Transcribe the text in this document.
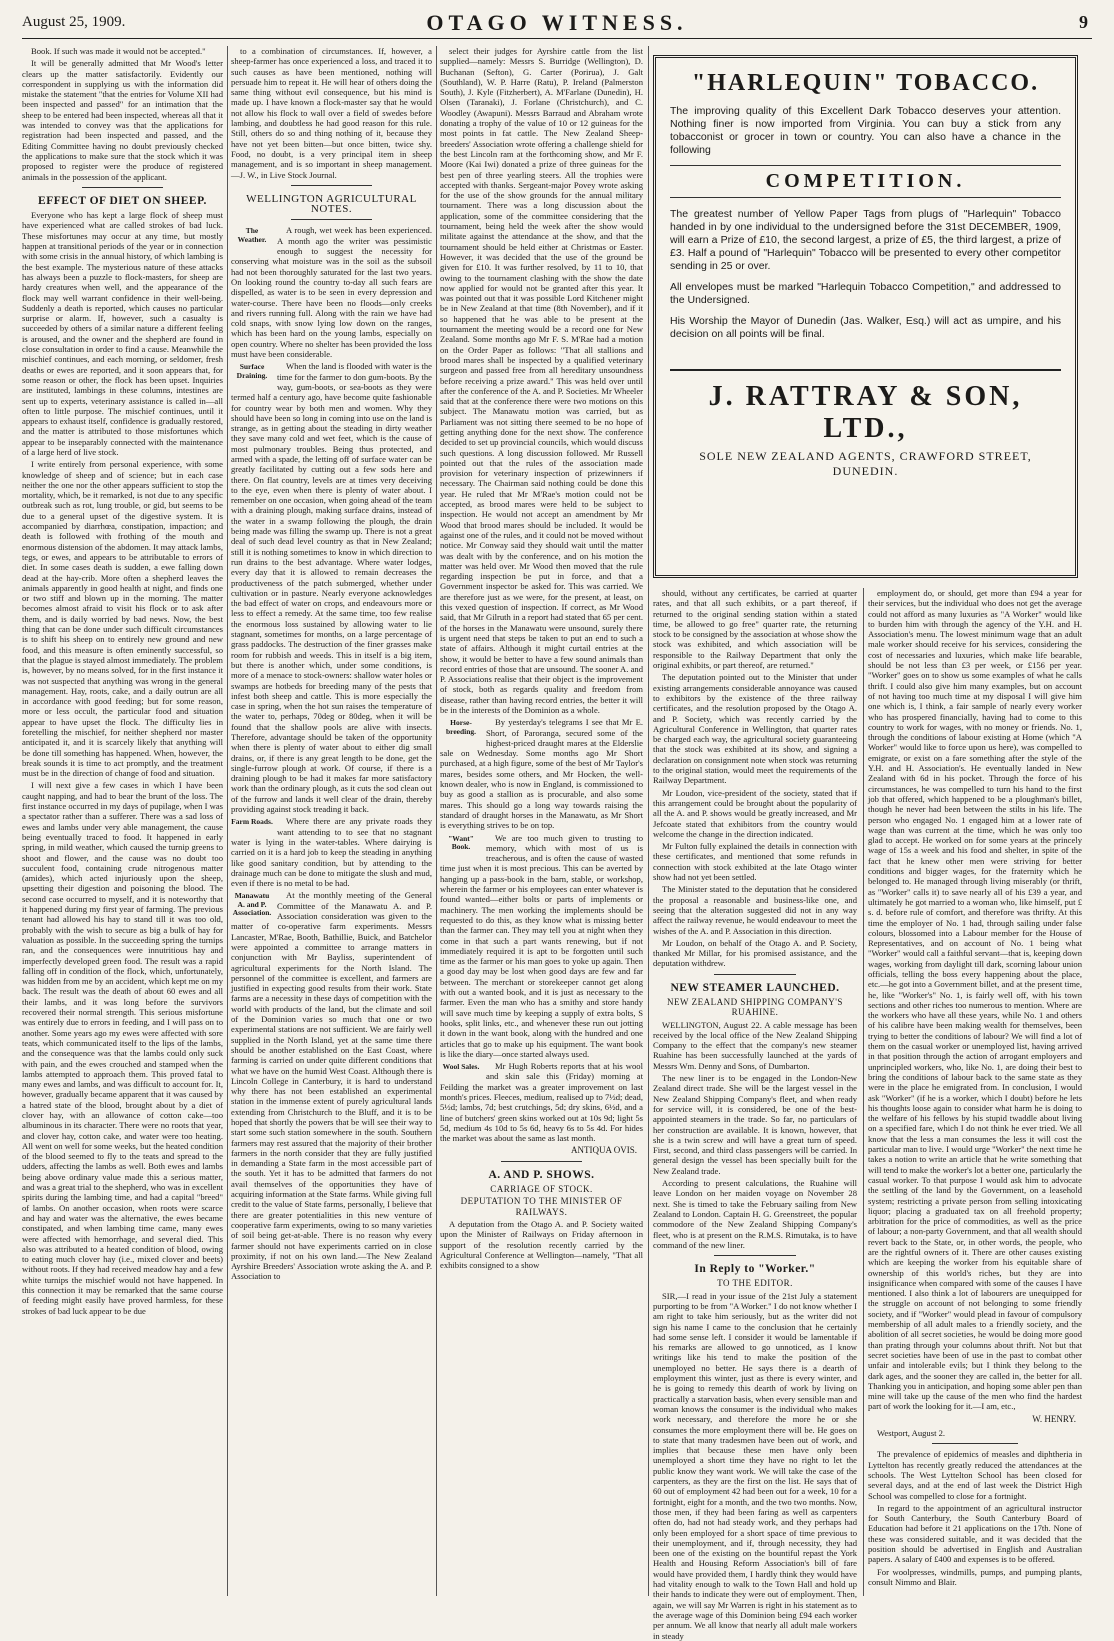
August 25, 1909.	OTAGO WITNESS.	9

Book. If such was made it would not be accepted."

It will be generally admitted that Mr Wood's letter clears up the matter satisfactorily. Evidently our correspondent in supplying us with the information did mistake the statement "that the entries for Volume XII had been inspected and passed" for an intimation that the sheep to be entered had been inspected, whereas all that it was intended to convey was that the applications for registration had been inspected and passed, and the Editing Committee having no doubt previously checked the applications to make sure that the stock which it was proposed to register were the produce of registered animals in the possession of the applicant.

EFFECT OF DIET ON SHEEP.

Everyone who has kept a large flock of sheep must have experienced what are called strokes of bad luck. These misfortunes may occur at any time, but mostly happen at transitional periods of the year or in connection with some crisis in the annual history, of which lambing is the best example. The mysterious nature of these attacks has always been a puzzle to flock-masters, for sheep are hardy creatures when well, and the appearance of the flock may well warrant confidence in their well-being. Suddenly a death is reported, which causes no particular surprise or alarm. If, however, such a casualty is succeeded by others of a similar nature a different feeling is aroused, and the owner and the shepherd are found in close consultation in order to find a cause. Meanwhile the mischief continues, and each morning, or seldomer, fresh deaths or ewes are reported, and it soon appears that, for some reason or other, the flock has been upset. Inquiries are instituted, lambings in these columns, intestines are sent up to experts, veterinary assistance is called in—all often to little purpose. The mischief continues, until it appears to exhaust itself, confidence is gradually restored, and the matter is attributed to those misfortunes which appear to be inseparably connected with the maintenance of a large herd of live stock.

I write entirely from personal experience, with some knowledge of sheep and of science; but in each case neither the one nor the other appears sufficient to stop the mortality, which, be it remarked, is not due to any specific outbreak such as rot, lung trouble, or gid, but seems to be due to a general upset of the digestive system. It is accompanied by diarrhœa, constipation, impaction; and death is followed with frothing of the mouth and enormous distension of the abdomen. It may attack lambs, tegs, or ewes, and appears to be attributable to errors of diet. In some cases death is sudden, a ewe falling down dead at the hay-crib. More often a shepherd leaves the animals apparently in good health at night, and finds one or two stiff and blown up in the morning. The matter becomes almost afraid to visit his flock or to ask after them, and is daily worried by bad news. Now, the best thing that can be done under such difficult circumstances is to shift his sheep on to entirely new ground and new food, and this measure is often eminently successful, so that the plague is stayed almost immediately. The problem is, however, by no means solved, for in the first instance it was not suspected that anything was wrong in the general management. Hay, roots, cake, and a daily outrun are all in accordance with good feeding; but for some reason, more or less occult, the particular food and situation appear to have upset the flock. The difficulty lies in foretelling the mischief, for neither shepherd nor master anticipated it, and it is scarcely likely that anything will be done till something has happened. When, however, the break sounds it is time to act promptly, and the treatment must be in the direction of change of food and situation.

I will next give a few cases in which I have been caught napping, and had to bear the brunt of the loss. The first instance occurred in my days of pupilage, when I was a spectator rather than a sufferer. There was a sad loss of ewes and lambs under very able management, the cause being eventually traced to food. It happened in early spring, in mild weather, which caused the turnip greens to shoot and flower, and the cause was no doubt too succulent food, containing crude nitrogenous matter (amides), which acted injuriously upon the sheep, upsetting their digestion and poisoning the blood. The second case occurred to myself, and it is noteworthy that it happened during my first year of farming. The previous tenant had allowed his hay to stand till it was too old, probably with the wish to secure as big a bulk of hay for valuation as possible. In the succeeding spring the turnips ran, and the consequences were innutritious hay and imperfectly developed green food. The result was a rapid falling off in condition of the flock, which, unfortunately, was hidden from me by an accident, which kept me on my back. The result was the death of about 60 ewes and all their lambs, and it was long before the survivors recovered their normal strength. This serious misfortune was entirely due to errors in feeding, and I will pass on to another. Some years ago my ewes were affected with sore teats, which communicated itself to the lips of the lambs, and the consequence was that the lambs could only suck with pain, and the ewes crouched and stamped when the lambs attempted to approach them. This proved fatal to many ewes and lambs, and was difficult to account for. It, however, gradually became apparent that it was caused by a hatred state of the blood, brought about by a diet of clover hay, with an allowance of cotton cake—too albuminous in its character. There were no roots that year, and clover hay, cotton cake, and water were too heating. All went on well for some weeks, but the heated condition of the blood seemed to fly to the teats and spread to the udders, affecting the lambs as well. Both ewes and lambs being above ordinary value made this a serious matter, and was a great trial to the shepherd, who was in excellent spirits during the lambing time, and had a capital "breed" of lambs. On another occasion, when roots were scarce and hay and water was the alternative, the ewes became constipated, and when lambing time came, many ewes were affected with hemorrhage, and several died. This also was attributed to a heated condition of blood, owing to eating much clover hay (i.e., mixed clover and beets) without roots. If they had received meadow hay and a few white turnips the mischief would not have happened. In this connection it may be remarked that the same course of feeding might easily have proved harmless, for these strokes of bad luck appear to be due

to a combination of circumstances. If, however, a sheep-farmer has once experienced a loss, and traced it to such causes as have been mentioned, nothing will persuade him to repeat it. He will hear of others doing the same thing without evil consequence, but his mind is made up. I have known a flock-master say that he would not allow his flock to wall over a field of swedes before lambing, and doubtless he had good reason for this rule. Still, others do so and thing nothing of it, because they have not yet been bitten—but once bitten, twice shy. Food, no doubt, is a very principal item in sheep management, and is so important in sheep management.—J. W., in Live Stock Journal.

WELLINGTON AGRICULTURAL NOTES.
The Weather.

A rough, wet week has been experienced. A month ago the writer was pessimistic enough to suggest the necessity for conserving what moisture was in the soil as the subsoil had not been thoroughly saturated for the last two years. On looking round the country to-day all such fears are dispelled, as water is to be seen in every depression and water-course. There have been no floods—only creeks and rivers running full. Along with the rain we have had cold snaps, with snow lying low down on the ranges, which has been hard on the young lambs, especially on open country. Where no shelter has been provided the loss must have been considerable.

Surface Draining.

When the land is flooded with water is the time for the farmer to don gum-boots. By the way, gum-boots, or sea-boots as they were termed half a century ago, have become quite fashionable for country wear by both men and women. Why they should have been so long in coming into use on the land is strange, as in getting about the steading in dirty weather they save many cold and wet feet, which is the cause of most pulmonary troubles. Being thus protected, and armed with a spade, the letting off of surface water can be greatly facilitated by cutting out a few sods here and there. On flat country, levels are at times very deceiving to the eye, even when there is plenty of water about. I remember on one occasion, when going ahead of the team with a draining plough, making surface drains, instead of the water in a swamp following the plough, the drain being made was filling the swamp up. There is not a great deal of such dead level country as that in New Zealand; still it is nothing sometimes to know in which direction to run drains to the best advantage. Where water lodges, every day that it is allowed to remain decreases the productiveness of the patch submerged, whether under cultivation or in pasture. Nearly everyone acknowledges the bad effect of water on crops, and endeavours more or less to effect a remedy. At the same time, too few realise the enormous loss sustained by allowing water to lie stagnant, sometimes for months, on a large percentage of grass paddocks. The destruction of the finer grasses make room for rubbish and weeds. This in itself is a big item, but there is another which, under some conditions, is more of a menace to stock-owners: shallow water holes or swamps are hotbeds for breeding many of the pests that infest both sheep and cattle. This is more especially the case in spring, when the hot sun raises the temperature of the water to, perhaps, 70deg or 80deg, when it will be found that the shallow pools are alive with insects. Therefore, advantage should be taken of the opportunity when there is plenty of water about to either dig small drains, or, if there is any great length to be done, get the single-furrow plough at work. Of course, if there is a draining plough to be had it makes far more satisfactory work than the ordinary plough, as it cuts the sod clean out of the furrow and lands it well clear of the drain, thereby providing against stock treading it back.

Farm Roads.	Where there are any private roads they want attending to to see that no stagnant water is lying in the water-tables. Where dairying is carried on it is a hard job to keep the steading in anything like good sanitary condition, but by attending to the drainage much can be done to mitigate the slush and mud, even if there is no metal to be had.

Manawatu A. and P. Association.

At the monthly meeting of the General Committee of the Manawatu A. and P. Association consideration was given to the matter of co-operative farm experiments. Messrs Lancaster, M'Rae, Booth, Bathillie, Buick, and Batchelor were appointed a committee to arrange matters in conjunction with Mr Bayliss, superintendent of agricultural experiments for the North Island. The personnel of the committee is excellent, and farmers are justified in expecting good results from their work. State farms are a necessity in these days of competition with the world with products of the land, but the climate and soil of the Dominion varies so much that one or two experimental stations are not sufficient. We are fairly well supplied in the North Island, yet at the same time there should be another established on the East Coast, where farming is carried on under quite different conditions that what we have on the humid West Coast. Although there is Lincoln College in Canterbury, it is hard to understand why there has not been established an experimental station in the immense extent of purely agricultural lands extending from Christchurch to the Bluff, and it is to be hoped that shortly the powers that be will see their way to start some such station somewhere in the south. Southern farmers may rest assured that the majority of their brother farmers in the north consider that they are fully justified in demanding a State farm in the most accessible part of the south. Yet it has to be admitted that farmers do not avail themselves of the opportunities they have of acquiring information at the State farms. While giving full credit to the value of State farms, personally, I believe that there are greater potentialities in this new venture of cooperative farm experiments, owing to so many varieties of soil being get-at-able. There is no reason why every farmer should not have experiments carried on in close proximity, if not on his own land.—The New Zealand Ayrshire Breeders' Association wrote asking the A. and P. Association to

select their judges for Ayrshire cattle from the list supplied—namely: Messrs S. Burridge (Wellington), D. Buchanan (Sefton), G. Carter (Porirua), J. Galt (Southland), W. P. Harre (Ratu), P. Ireland (Palmerston South), J. Kyle (Fitzherbert), A. M'Farlane (Dunedin), H. Olsen (Taranaki), J. Forlane (Christchurch), and C. Woodley (Awapuni). Messrs Barraud and Abraham wrote donating a trophy of the value of 10 or 12 guineas for the most points in fat cattle. The New Zealand Sheep-breeders' Association wrote offering a challenge shield for the best Lincoln ram at the forthcoming show, and Mr F. Moore (Kai Iwi) donated a prize of three guineas for the best pen of three yearling steers. All the trophies were accepted with thanks. Sergeant-major Povey wrote asking for the use of the show grounds for the annual military tournament. There was a long discussion about the application, some of the committee considering that the tournament, being held the week after the show would militate against the attendance at the show, and that the tournament should be held either at Christmas or Easter. However, it was decided that the use of the ground be given for £10. It was further resolved, by 11 to 10, that owing to the tournament clashing with the show the date now applied for would not be granted after this year. It was pointed out that it was possible Lord Kitchener might be in New Zealand at that time (8th November), and if it so happened that he was able to be present at the tournament the meeting would be a record one for New Zealand. Some months ago Mr F. S. M'Rae had a motion on the Order Paper as follows: "That all stallions and brood mares shall be inspected by a qualified veterinary surgeon and passed free from all hereditary unsoundness before receiving a prize award." This was held over until after the conference of the A. and P. Societies. Mr Wheeler said that at the conference there were two motions on this subject. The Manawatu motion was carried, but as Parliament was not sitting there seemed to be no hope of getting anything done for the next show. The conference decided to set up provincial councils, which would discuss such questions. A long discussion followed. Mr Russell pointed out that the rules of the association made provision for veterinary inspection of prizewinners if necessary. The Chairman said nothing could be done this year. He ruled that Mr M'Rae's motion could not be accepted, as brood mares were held to be subject to inspection. He would not accept an amendment by Mr Wood that brood mares should be included. It would be against one of the rules, and it could not be moved without notice. Mr Conway said they should wait until the matter was dealt with by the conference, and on his motion the matter was held over. Mr Wood then moved that the rule regarding inspection be put in force, and that a Government inspector be asked for. This was carried. We are therefore just as we were, for the present, at least, on this vexed question of inspection. If correct, as Mr Wood said, that Mr Gilruth in a report had stated that 65 per cent. of the horses in the Manawatu were unsound, surely there is urgent need that steps be taken to put an end to such a state of affairs. Although it might curtail entries at the show, it would be better to have a few sound animals than record entries of those that are unsound. The sooner A. and P. Associations realise that their object is the improvement of stock, both as regards quality and freedom from disease, rather than having record entries, the better it will be in the interests of the Dominion as a whole.

Horse-breeding.

By yesterday's telegrams I see that Mr E. Short, of Paroranga, secured some of the highest-priced draught mares at the Elderslie sale on Wednesday. Some months ago Mr Short purchased, at a high figure, some of the best of Mr Taylor's mares, besides some others, and Mr Hocken, the well-known dealer, who is now in England, is commissioned to buy as good a stallion as is procurable, and also some mares. This should go a long way towards raising the standard of draught horses in the Manawatu, as Mr Short is everything strives to be on top.

"Want" Book.

We are too much given to trusting to memory, which with most of us is treacherous, and is often the cause of wasted time just when it is most precious. This can be averted by hanging up a pass-book in the barn, stable, or workshop, wherein the farmer or his employees can enter whatever is found wanted—either bolts or parts of implements or machinery. The men working the implements should be requested to do this, as they know what is missing better than the farmer can. They may tell you at night when they come in that such a part wants renewing, but if not immediately required it is apt to be forgotten until such time as the farmer or his man goes to yoke up again. Then a good day may be lost when good days are few and far between. The merchant or storekeeper cannot get along with out a wanted book, and it is just as necessary to the farmer. Even the man who has a smithy and store handy will save much time by keeping a supply of extra bolts, S hooks, split links, etc., and whenever these run out jotting it down in the want book, along with the hundred and one articles that go to make up his equipment. The want book is like the diary—once started always used.

Wool Sales.	Mr Hugh Roberts reports that at his wool and skin sale this (Friday) morning at Feilding the market was a greater improvement on last month's prices. Fleeces, medium, realised up to 7½d; dead, 5½d; lambs, 7d; best crutchings, 5d; dry skins, 6½d, and a line of butchers' green skins worked out at 10s 9d; light 5s 5d, medium 4s 10d to 5s 6d, heavy 6s to 5s 4d. For hides the market was about the same as last month.

ANTIQUA OVIS.
A. AND P. SHOWS.
CARRIAGE OF STOCK.
DEPUTATION TO THE MINISTER OF RAILWAYS.

A deputation from the Otago A. and P. Society waited upon the Minister of Railways on Friday afternoon in support of the resolution recently carried by the Agricultural Conference at Wellington—namely, "That all exhibits consigned to a show

"HARLEQUIN" TOBACCO.
The improving quality of this Excellent Dark Tobacco deserves your attention. Nothing finer is now imported from Virginia. You can buy a stick from any tobacconist or grocer in town or country. You can also have a chance in the following
COMPETITION.
The greatest number of Yellow Paper Tags from plugs of "Harlequin" Tobacco handed in by one individual to the undersigned before the 31st DECEMBER, 1909, will earn a Prize of £10, the second largest, a prize of £5, the third largest, a prize of £3. Half a pound of "Harlequin" Tobacco will be presented to every other competitor sending in 25 or over.
All envelopes must be marked "Harlequin Tobacco Competition," and addressed to the Undersigned.
His Worship the Mayor of Dunedin (Jas. Walker, Esq.) will act as umpire, and his decision on all points will be final.
J. RATTRAY & SON, LTD.,
SOLE NEW ZEALAND AGENTS, CRAWFORD STREET, DUNEDIN.

should, without any certificates, be carried at quarter rates, and that all such exhibits, or a part thereof, if returned to the original sending station within a stated time, be allowed to go free" quarter rate, the returning stock to be consigned by the association at whose show the stock was exhibited, and which association will be responsible to the Railway Department that only the original exhibits, or part thereof, are returned."

The deputation pointed out to the Minister that under existing arrangements considerable annoyance was caused to exhibitors by the existence of the three railway certificates, and the resolution proposed by the Otago A. and P. Society, which was recently carried by the Agricultural Conference in Wellington, that quarter rates be charged each way, the agricultural society guaranteeing that the stock was exhibited at its show, and signing a declaration on consignment note when stock was returning to the original station, would meet the requirements of the Railway Department.

Mr Loudon, vice-president of the society, stated that if this arrangement could be brought about the popularity of all the A. and P. shows would be greatly increased, and Mr Jefcoate stated that exhibitors from the country would welcome the change in the direction indicated.

Mr Fulton fully explained the details in connection with these certificates, and mentioned that some refunds in connection with stock exhibited at the late Otago winter show had not yet been settled.

The Minister stated to the deputation that he considered the proposal a reasonable and business-like one, and seeing that the alteration suggested did not in any way affect the railway revenue, he would endeavour to meet the wishes of the A. and P. Association in this direction.

Mr Loudon, on behalf of the Otago A. and P. Society, thanked Mr Millar, for his promised assistance, and the deputation withdrew.

NEW STEAMER LAUNCHED.
NEW ZEALAND SHIPPING COMPANY'S RUAHINE.

WELLINGTON, August 22. A cable message has been received by the local office of the New Zealand Shipping Company to the effect that the company's new steamer Ruahine has been successfully launched at the yards of Messrs Wm. Denny and Sons, of Dumbarton.

The new liner is to be engaged in the London-New Zealand direct trade. She will be the largest vessel in the New Zealand Shipping Company's fleet, and when ready for service will, it is considered, be one of the best-appointed steamers in the trade. So far, no particulars of her construction are available. It is known, however, that she is a twin screw and will have a great turn of speed. First, second, and third class passengers will be carried. In general design the vessel has been specially built for the New Zealand trade.

According to present calculations, the Ruahine will leave London on her maiden voyage on November 28 next. She is timed to take the February sailing from New Zealand to London. Captain H. G. Greenstreet, the popular commodore of the New Zealand Shipping Company's fleet, who is at present on the R.M.S. Rimutaka, is to have command of the new liner.

In Reply to "Worker."
TO THE EDITOR.

SIR,—I read in your issue of the 21st July a statement purporting to be from "A Worker." I do not know whether I am right to take him seriously, but as the writer did not sign his name I came to the conclusion that he certainly had some sense left. I consider it would be lamentable if his remarks are allowed to go unnoticed, as I know writings like his tend to make the position of the unemployed no better. He says there is a dearth of employment this winter, just as there is every winter, and he is going to remedy this dearth of work by living on practically a starvation basis, when every sensible man and woman knows the consumer is the individual who makes work necessary, and therefore the more he or she consumes the more employment there will be. He goes on to state that many tradesmen have been out of work, and implies that because these men have only been unemployed a short time they have no right to let the public know they want work. We will take the case of the carpenters, as they are the first on the list. He says that of 60 out of employment 42 had been out for a week, 10 for a fortnight, eight for a month, and the two two months. Now, those men, if they had been faring as well as carpenters often do, had not had steady work, and they perhaps had only been employed for a short space of time previous to their unemployment, and if, through necessity, they had been one of the existing on the bountiful repast the York Health and Housing Reform Association's bill of fare would have provided them, I hardly think they would have had vitality enough to walk to the Town Hall and hold up their hands to indicate they were out of employment. Then, again, we will say Mr Warren is right in his statement as to the average wage of this Dominion being £94 each worker per annum. We all know that nearly all adult male workers in steady

employment do, or should, get more than £94 a year for their services, but the individual who does not get the average could not afford as many luxuries as "A Worker" would like to burden him with through the agency of the Y.H. and H. Association's menu. The lowest minimum wage that an adult male worker should receive for his services, considering the cost of necessaries and luxuries, which make life bearable, should be not less than £3 per week, or £156 per year. "Worker" goes on to show us some examples of what he calls thrift. I could also give him many examples, but on account of not having too much time at my disposal I will give him one which is, I think, a fair sample of nearly every worker who has prospered financially, having had to come to this country to work for wages, with no money or friends. No. 1, through the conditions of labour existing at Home (which "A Worker" would like to force upon us here), was compelled to emigrate, or exist on a fare something after the style of the Y.H. and H. Association's. He eventually landed in New Zealand with 6d in his pocket. Through the force of his circumstances, he was compelled to turn his hand to the first job that offered, which happened to be a ploughman's billet, though he never had been between the stilts in his life. The person who engaged No. 1 engaged him at a lower rate of wage than was current at the time, which he was only too glad to accept. He worked on for some years at the princely wage of 15s a week and his food and shelter, in spite of the fact that he knew other men were striving for better conditions and bigger wages, for the fraternity which he belonged to. He managed through living miserably (or thrift, as "Worker" calls it) to save nearly all of his £39 a year, and ultimately he got married to a woman who, like himself, put £ s. d. before rule of comfort, and therefore was thrifty. At this time the employer of No. 1 had, through sailing under false colours, blossomed into a Labour member for the House of Representatives, and on account of No. 1 being what "Worker" would call a faithful servant—that is, keeping down wages, working from daylight till dark, scorning labour union officials, telling the boss every happening about the place, etc.—he got into a Government billet, and at the present time, he, like "Worker's" No. 1, is fairly well off, with his town sections and other riches too numerous to mention. Where are the workers who have all these years, while No. 1 and others of his calibre have been making wealth for themselves, been trying to better the conditions of labour? We will find a lot of them on the casual worker or unemployed list, having arrived in that position through the action of arrogant employers and unprincipled workers, who, like No. 1, are doing their best to bring the conditions of labour back to the same state as they were in the place he emigrated from. In conclusion, I would ask "Worker" (if he is a worker, which I doubt) before he lets his thoughts loose again to consider what harm he is doing to the welfare of his fellows by his stupid twaddle about living on a specified fare, which I do not think he ever tried. We all know that the less a man consumes the less it will cost the particular man to live. I would urge "Worker" the next time he takes a notion to write an article that he write something that will tend to make the worker's lot a better one, particularly the casual worker. To that purpose I would ask him to advocate the settling of the land by the Government, on a leasehold system; restricting a private person from selling intoxicating liquor; placing a graduated tax on all freehold property; arbitration for the price of commodities, as well as the price of labour; a non-party Government, and that all wealth should revert back to the State, or, in other words, the people, who are the rightful owners of it. There are other causes existing which are keeping the worker from his equitable share of ownership of this world's riches, but they are into insignificance when compared with some of the causes I have mentioned. I also think a lot of labourers are unequipped for the struggle on account of not belonging to some friendly society, and if "Worker" would plead in favour of compulsory membership of all adult males to a friendly society, and the abolition of all secret societies, he would be doing more good than prating through your columns about thrift. Not but that secret societies have been of use in the past to combat other unfair and intolerable evils; but I think they belong to the dark ages, and the sooner they are called in, the better for all. Thanking you in anticipation, and hoping some abler pen than mine will take up the cause of the men who find the hardest part of work the looking for it.—I am, etc.,

W. HENRY.

Westport, August 2.

The prevalence of epidemics of measles and diphtheria in Lyttelton has recently greatly reduced the attendances at the schools. The West Lyttelton School has been closed for several days, and at the end of last week the District High School was compelled to close for a fortnight.

In regard to the appointment of an agricultural instructor for South Canterbury, the South Canterbury Board of Education had before it 21 applications on the 17th. None of these was considered suitable, and it was decided that the position should be advertised in English and Australian papers. A salary of £400 and expenses is to be offered.

For woolpresses, windmills, pumps, and pumping plants, consult Nimmo and Blair.
